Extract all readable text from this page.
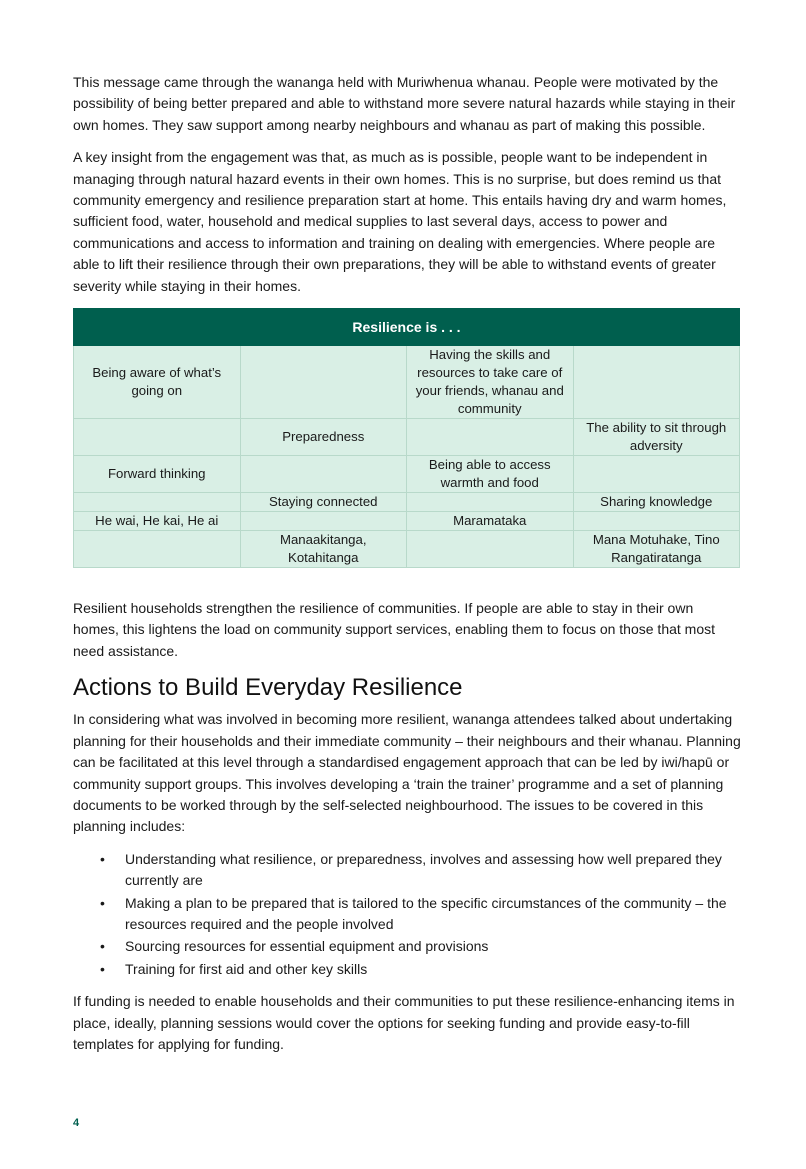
This message came through the wananga held with Muriwhenua whanau. People were motivated by the possibility of being better prepared and able to withstand more severe natural hazards while staying in their own homes. They saw support among nearby neighbours and whanau as part of making this possible.

A key insight from the engagement was that, as much as is possible, people want to be independent in managing through natural hazard events in their own homes. This is no surprise, but does remind us that community emergency and resilience preparation start at home. This entails having dry and warm homes, sufficient food, water, household and medical supplies to last several days, access to power and communications and access to information and training on dealing with emergencies. Where people are able to lift their resilience through their own preparations, they will be able to withstand events of greater severity while staying in their homes.

Resilience is . . .			
Being aware of what’s going on		Having the skills and resources to take care of your friends, whanau and community	
	Preparedness		The ability to sit through adversity
Forward thinking		Being able to access warmth and food	
	Staying connected		Sharing knowledge
He wai, He kai, He ai		Maramataka	
	Manaakitanga, Kotahitanga		Mana Motuhake, Tino Rangatiratanga

Resilient households strengthen the resilience of communities. If people are able to stay in their own homes, this lightens the load on community support services, enabling them to focus on those that most need assistance.

Actions to Build Everyday Resilience

In considering what was involved in becoming more resilient, wananga attendees talked about undertaking planning for their households and their immediate community – their neighbours and their whanau. Planning can be facilitated at this level through a standardised engagement approach that can be led by iwi/hapū or community support groups. This involves developing a ‘train the trainer’ programme and a set of planning documents to be worked through by the self-selected neighbourhood. The issues to be covered in this planning includes:

• Understanding what resilience, or preparedness, involves and assessing how well prepared they currently are
• Making a plan to be prepared that is tailored to the specific circumstances of the community – the resources required and the people involved
• Sourcing resources for essential equipment and provisions
• Training for first aid and other key skills

If funding is needed to enable households and their communities to put these resilience-enhancing items in place, ideally, planning sessions would cover the options for seeking funding and provide easy-to-fill templates for applying for funding.

4
